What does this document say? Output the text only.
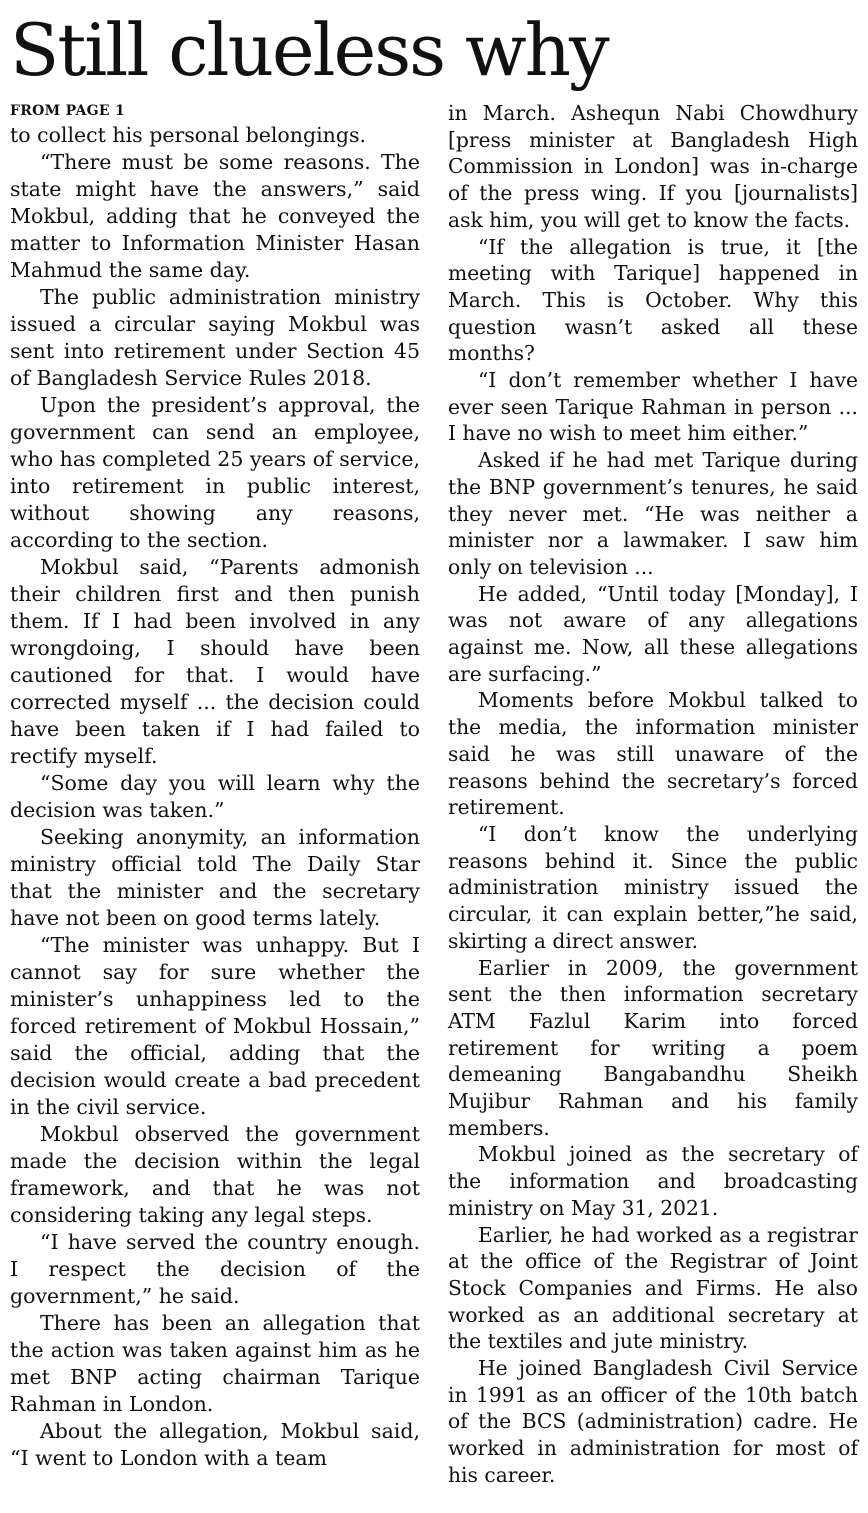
Still clueless why
FROM PAGE 1

to collect his personal belongings.

“There must be some reasons. The state might have the answers,” said Mokbul, adding that he conveyed the matter to Information Minister Hasan Mahmud the same day.

The public administration ministry issued a circular saying Mokbul was sent into retirement under Section 45 of Bangladesh Service Rules 2018.

Upon the president’s approval, the government can send an employee, who has completed 25 years of service, into retirement in public interest, without showing any reasons, according to the section.

Mokbul said, “Parents admonish their children first and then punish them. If I had been involved in any wrongdoing, I should have been cautioned for that. I would have corrected myself ... the decision could have been taken if I had failed to rectify myself.

“Some day you will learn why the decision was taken.”

Seeking anonymity, an information ministry official told The Daily Star that the minister and the secretary have not been on good terms lately.

“The minister was unhappy. But I cannot say for sure whether the minister’s unhappiness led to the forced retirement of Mokbul Hossain,” said the official, adding that the decision would create a bad precedent in the civil service.

Mokbul observed the government made the decision within the legal framework, and that he was not considering taking any legal steps.

“I have served the country enough. I respect the decision of the government,” he said.

There has been an allegation that the action was taken against him as he met BNP acting chairman Tarique Rahman in London.

About the allegation, Mokbul said, “I went to London with a team

in March. Ashequn Nabi Chowdhury [press minister at Bangladesh High Commission in London] was in-charge of the press wing. If you [journalists] ask him, you will get to know the facts.

“If the allegation is true, it [the meeting with Tarique] happened in March. This is October. Why this question wasn’t asked all these months?

“I don’t remember whether I have ever seen Tarique Rahman in person ... I have no wish to meet him either.”

Asked if he had met Tarique during the BNP government’s tenures, he said they never met. “He was neither a minister nor a lawmaker. I saw him only on television ...

He added, “Until today [Monday], I was not aware of any allegations against me. Now, all these allegations are surfacing.”

Moments before Mokbul talked to the media, the information minister said he was still unaware of the reasons behind the secretary’s forced retirement.

“I don’t know the underlying reasons behind it. Since the public administration ministry issued the circular, it can explain better,”he said, skirting a direct answer.

Earlier in 2009, the government sent the then information secretary ATM Fazlul Karim into forced retirement for writing a poem demeaning Bangabandhu Sheikh Mujibur Rahman and his family members.

Mokbul joined as the secretary of the information and broadcasting ministry on May 31, 2021.

Earlier, he had worked as a registrar at the office of the Registrar of Joint Stock Companies and Firms. He also worked as an additional secretary at the textiles and jute ministry.

He joined Bangladesh Civil Service in 1991 as an officer of the 10th batch of the BCS (administration) cadre. He worked in administration for most of his career.
